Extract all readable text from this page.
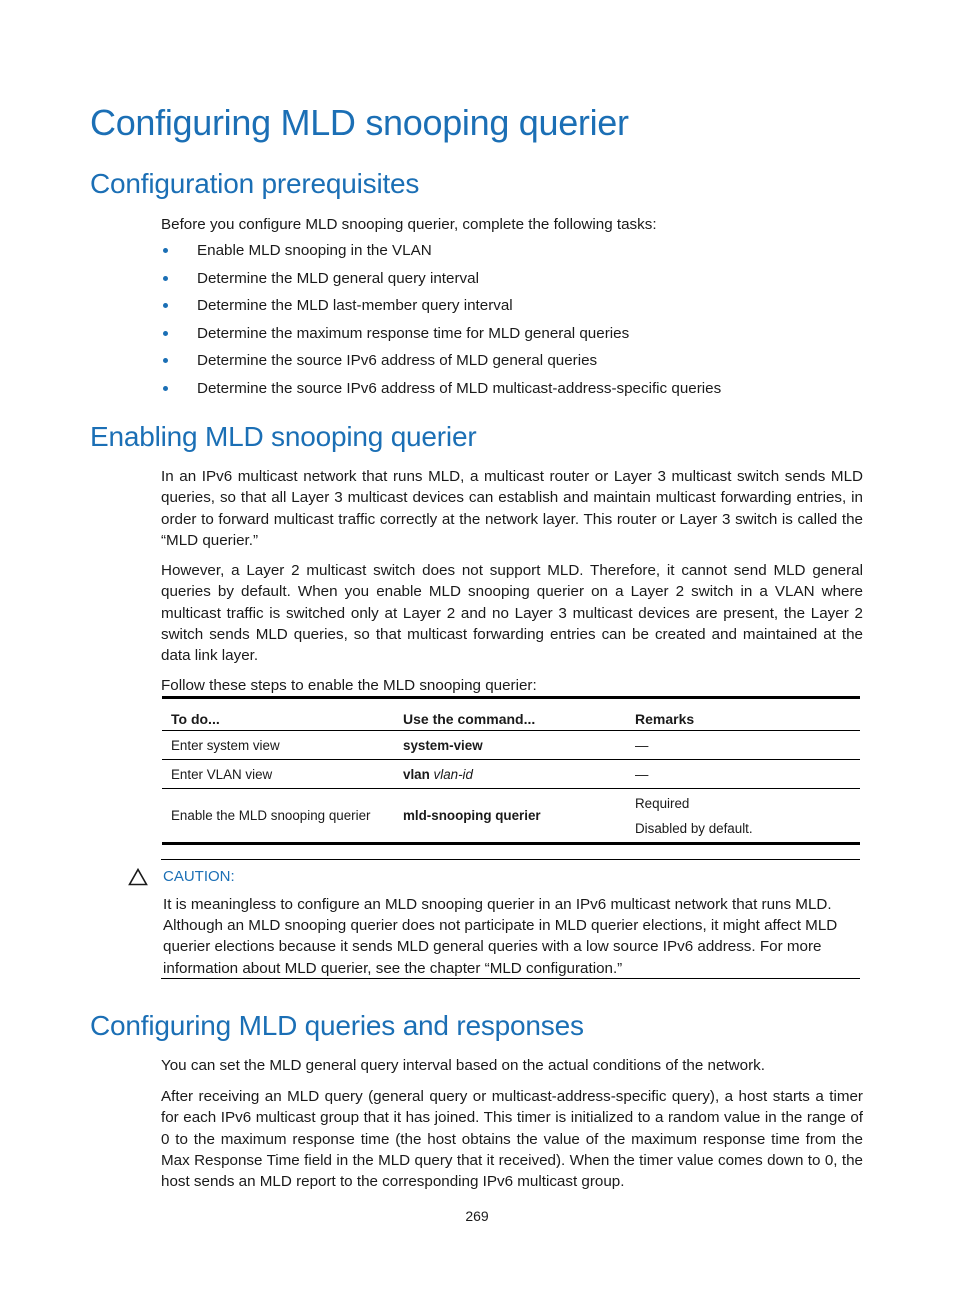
Configuring MLD snooping querier
Configuration prerequisites

Before you configure MLD snooping querier, complete the following tasks:

Enable MLD snooping in the VLAN
Determine the MLD general query interval
Determine the MLD last-member query interval
Determine the maximum response time for MLD general queries
Determine the source IPv6 address of MLD general queries
Determine the source IPv6 address of MLD multicast-address-specific queries
Enabling MLD snooping querier

In an IPv6 multicast network that runs MLD, a multicast router or Layer 3 multicast switch sends MLD queries, so that all Layer 3 multicast devices can establish and maintain multicast forwarding entries, in order to forward multicast traffic correctly at the network layer. This router or Layer 3 switch is called the “MLD querier.”

However, a Layer 2 multicast switch does not support MLD. Therefore, it cannot send MLD general queries by default. When you enable MLD snooping querier on a Layer 2 switch in a VLAN where multicast traffic is switched only at Layer 2 and no Layer 3 multicast devices are present, the Layer 2 switch sends MLD queries, so that multicast forwarding entries can be created and maintained at the data link layer.

Follow these steps to enable the MLD snooping querier:

To do...	Use the command...	Remarks
Enter system view	system-view	—
Enter VLAN view	vlan vlan-id	—
Enable the MLD snooping querier	mld-snooping querier	Required
Disabled by default.
CAUTION:

It is meaningless to configure an MLD snooping querier in an IPv6 multicast network that runs MLD. Although an MLD snooping querier does not participate in MLD querier elections, it might affect MLD querier elections because it sends MLD general queries with a low source IPv6 address. For more information about MLD querier, see the chapter “MLD configuration.”

Configuring MLD queries and responses

You can set the MLD general query interval based on the actual conditions of the network.

After receiving an MLD query (general query or multicast-address-specific query), a host starts a timer for each IPv6 multicast group that it has joined. This timer is initialized to a random value in the range of 0 to the maximum response time (the host obtains the value of the maximum response time from the Max Response Time field in the MLD query that it received). When the timer value comes down to 0, the host sends an MLD report to the corresponding IPv6 multicast group.

269
